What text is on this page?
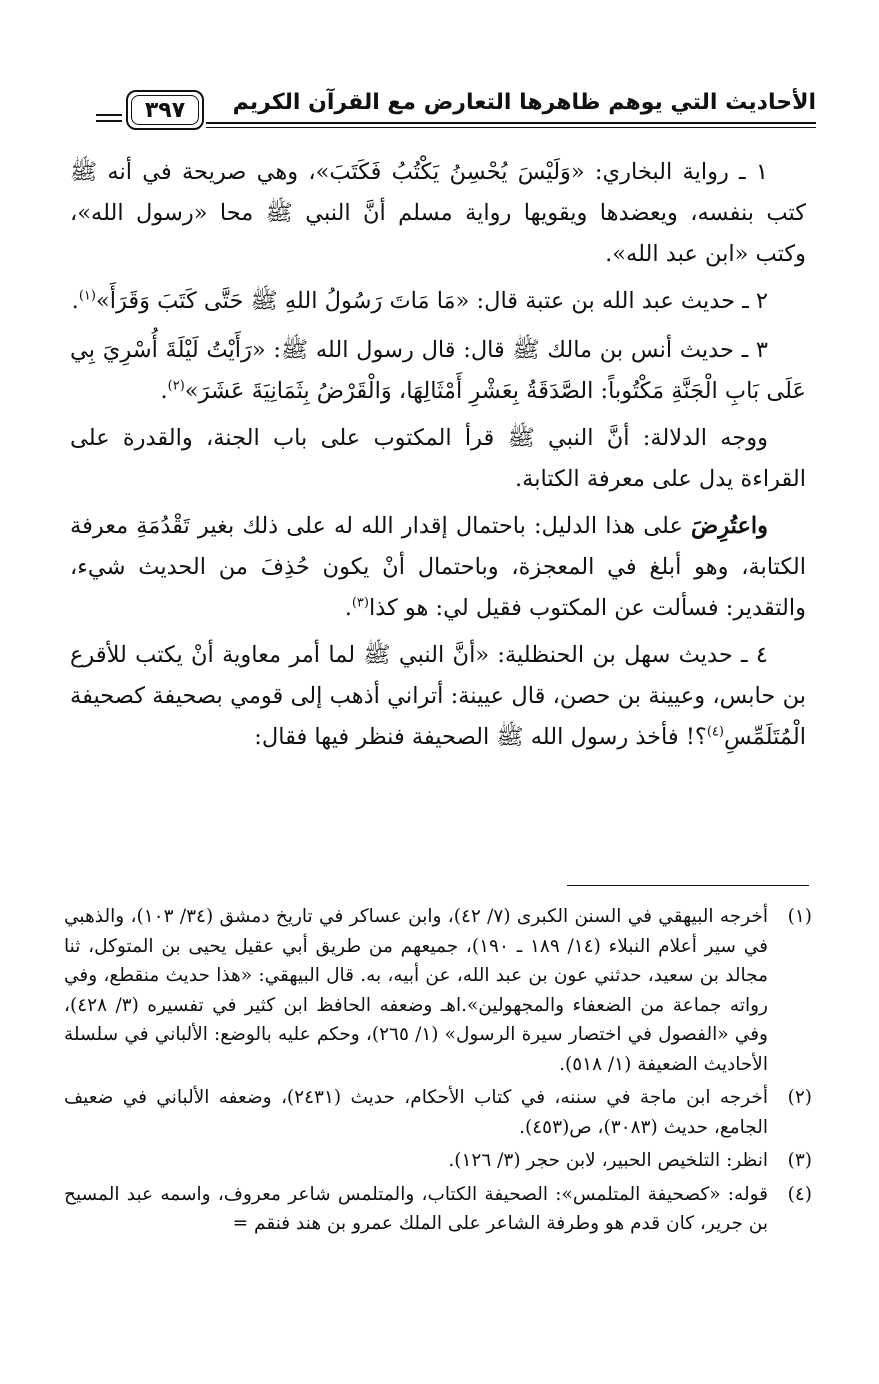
الأحاديث التي يوهم ظاهرها التعارض مع القرآن الكريم
٣٩٧

١ ـ رواية البخاري: «وَلَيْسَ يُحْسِنُ يَكْتُبُ فَكَتَبَ»، وهي صريحة في أنه ﷺ كتب بنفسه، ويعضدها ويقويها رواية مسلم أنَّ النبي ﷺ محا «رسول الله»، وكتب «ابن عبد الله».

٢ ـ حديث عبد الله بن عتبة قال: «مَا مَاتَ رَسُولُ اللهِ ﷺ حَتَّى كَتَبَ وَقَرَأَ»$^{(١)}$.

٣ ـ حديث أنس بن مالك ﷺ قال: قال رسول الله ﷺ: «رَأَيْتُ لَيْلَةَ أُسْرِيَ بِي عَلَى بَابِ الْجَنَّةِ مَكْتُوباً: الصَّدَقَةُ بِعَشْرِ أَمْثَالِهَا، وَالْقَرْضُ بِثَمَانِيَةَ عَشَرَ»$^{(٢)}$.

ووجه الدلالة: أنَّ النبي ﷺ قرأ المكتوب على باب الجنة، والقدرة على القراءة يدل على معرفة الكتابة.

واعتُرِضَ على هذا الدليل: باحتمال إقدار الله له على ذلك بغير تَقْدُمَةِ معرفة الكتابة، وهو أبلغ في المعجزة، وباحتمال أنْ يكون حُذِفَ من الحديث شيء، والتقدير: فسألت عن المكتوب فقيل لي: هو كذا$^{(٣)}$.

٤ ـ حديث سهل بن الحنظلية: «أنَّ النبي ﷺ لما أمر معاوية أنْ يكتب للأقرع بن حابس، وعيينة بن حصن، قال عيينة: أتراني أذهب إلى قومي بصحيفة كصحيفة الْمُتَلَمِّسِ$^{(٤)}$؟! فأخذ رسول الله ﷺ الصحيفة فنظر فيها فقال:

(١)
أخرجه البيهقي في السنن الكبرى (٧/ ٤٢)، وابن عساكر في تاريخ دمشق (٣٤/ ١٠٣)، والذهبي في سير أعلام النبلاء (١٤/ ١٨٩ ـ ١٩٠)، جميعهم من طريق أبي عقيل يحيى بن المتوكل، ثنا مجالد بن سعيد، حدثني عون بن عبد الله، عن أبيه، به. قال البيهقي: «هذا حديث منقطع، وفي رواته جماعة من الضعفاء والمجهولين».اهـ وضعفه الحافظ ابن كثير في تفسيره (٣/ ٤٢٨)، وفي «الفصول في اختصار سيرة الرسول» (١/ ٢٦٥)، وحكم عليه بالوضع: الألباني في سلسلة الأحاديث الضعيفة (١/ ٥١٨).
(٢)
أخرجه ابن ماجة في سننه، في كتاب الأحكام، حديث (٢٤٣١)، وضعفه الألباني في ضعيف الجامع، حديث (٣٠٨٣)، ص(٤٥٣).
(٣)
انظر: التلخيص الحبير، لابن حجر (٣/ ١٢٦).
(٤)
قوله: «كصحيفة المتلمس»: الصحيفة الكتاب، والمتلمس شاعر معروف، واسمه عبد المسيح بن جرير، كان قدم هو وطرفة الشاعر على الملك عمرو بن هند فنقم =
